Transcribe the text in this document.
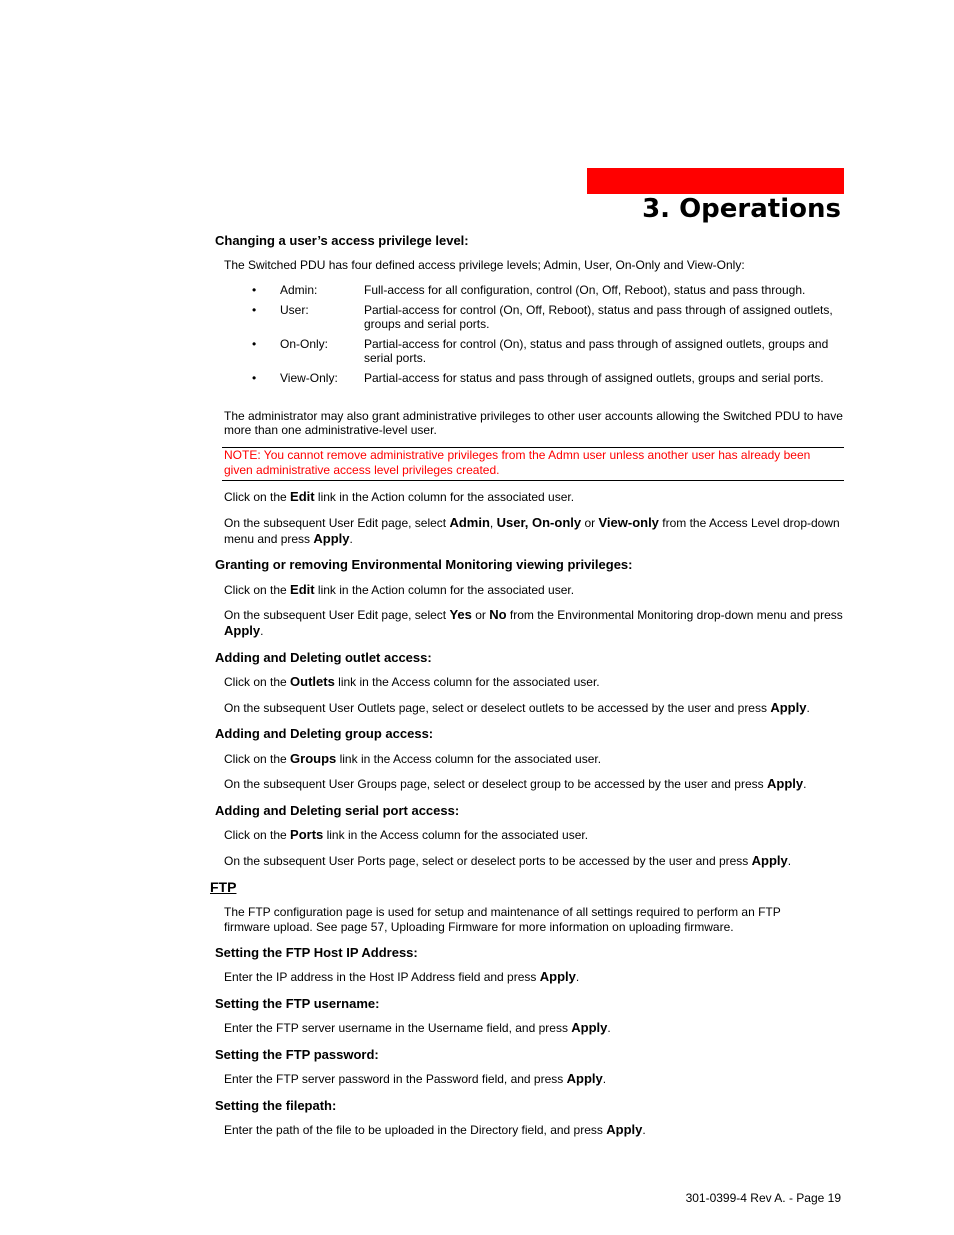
3. Operations
Changing a user’s access privilege level:
The Switched PDU has four defined access privilege levels; Admin, User, On-Only and View-Only:
• Admin:	Full-access for all configuration, control (On, Off, Reboot), status and pass through.
• User:	Partial-access for control (On, Off, Reboot), status and pass through of assigned outlets, groups and serial ports.
• On-Only:	Partial-access for control (On), status and pass through of assigned outlets, groups and serial ports.
• View-Only: Partial-access for status and pass through of assigned outlets, groups and serial ports.
The administrator may also grant administrative privileges to other user accounts allowing the Switched PDU to have more than one administrative-level user.
NOTE: You cannot remove administrative privileges from the Admn user unless another user has already been given administrative access level privileges created.
Click on the Edit link in the Action column for the associated user.
On the subsequent User Edit page, select Admin, User, On-only or View-only from the Access Level drop-down menu and press Apply.
Granting or removing Environmental Monitoring viewing privileges:
Click on the Edit link in the Action column for the associated user.
On the subsequent User Edit page, select Yes or No from the Environmental Monitoring drop-down menu and press Apply.
Adding and Deleting outlet access:
Click on the Outlets link in the Access column for the associated user.
On the subsequent User Outlets page, select or deselect outlets to be accessed by the user and press Apply.
Adding and Deleting group access:
Click on the Groups link in the Access column for the associated user.
On the subsequent User Groups page, select or deselect group to be accessed by the user and press Apply.
Adding and Deleting serial port access:
Click on the Ports link in the Access column for the associated user.
On the subsequent User Ports page, select or deselect ports to be accessed by the user and press Apply.
FTP
The FTP configuration page is used for setup and maintenance of all settings required to perform an FTP
firmware upload. See page 57, Uploading Firmware for more information on uploading firmware.
Setting the FTP Host IP Address:
Enter the IP address in the Host IP Address field and press Apply.
Setting the FTP username:
Enter the FTP server username in the Username field, and press Apply.
Setting the FTP password:
Enter the FTP server password in the Password field, and press Apply.
Setting the filepath:
Enter the path of the file to be uploaded in the Directory field, and press Apply.
301-0399-4 Rev A. - Page 19
